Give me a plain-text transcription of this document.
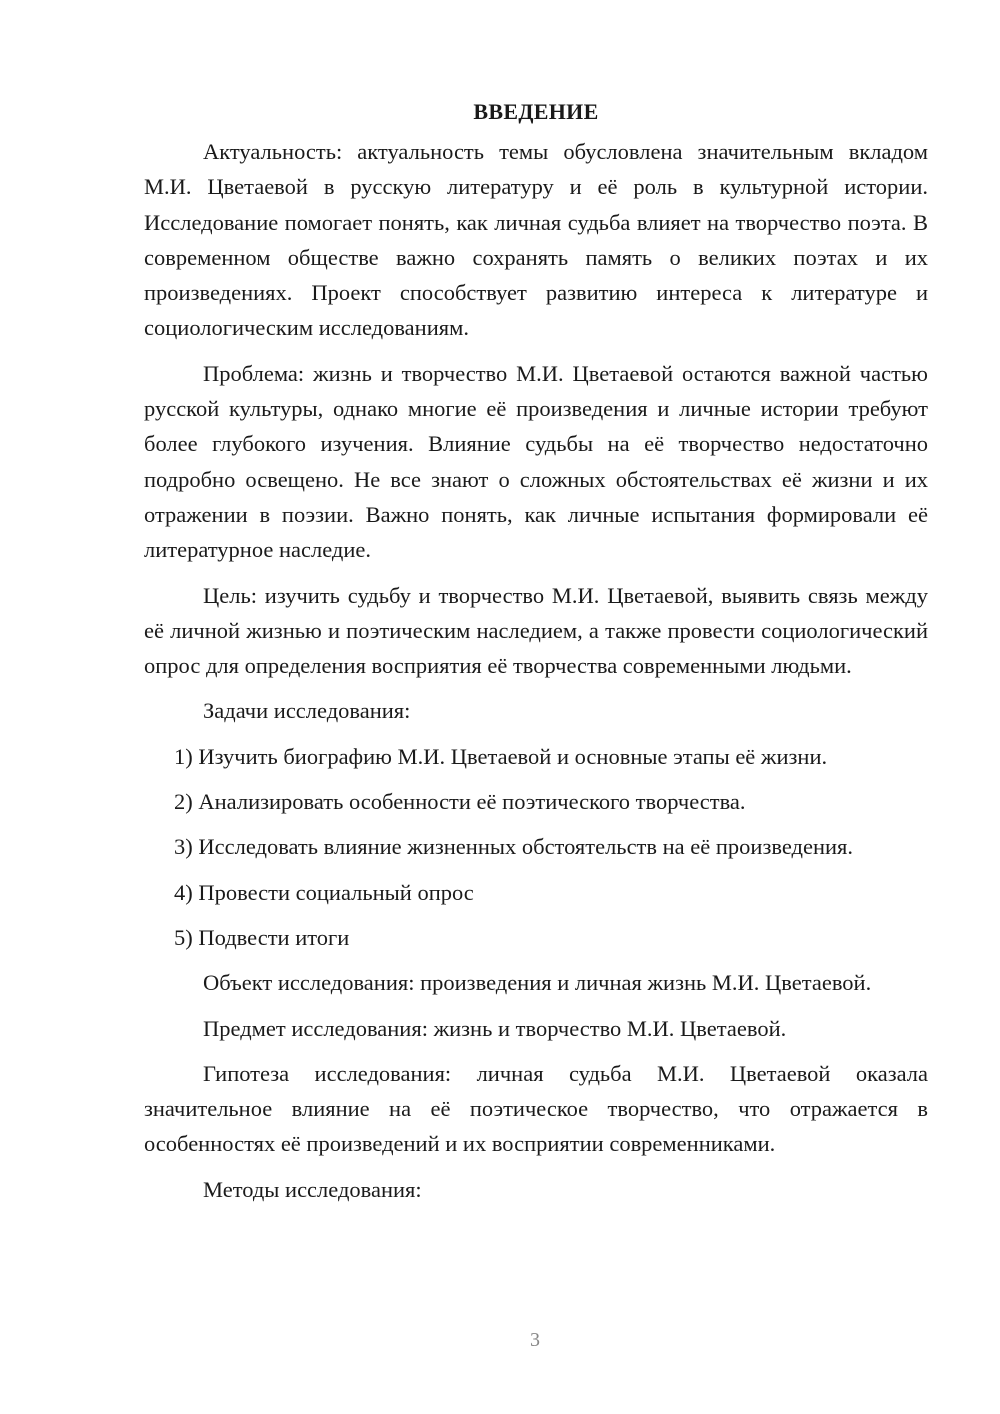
ВВЕДЕНИЕ

Актуальность: актуальность темы обусловлена значительным вкладом М.И. Цветаевой в русскую литературу и её роль в культурной истории. Исследование помогает понять, как личная судьба влияет на творчество поэта. В современном обществе важно сохранять память о великих поэтах и их произведениях. Проект способствует развитию интереса к литературе и социологическим исследованиям.

Проблема: жизнь и творчество М.И. Цветаевой остаются важной частью русской культуры, однако многие её произведения и личные истории требуют более глубокого изучения. Влияние судьбы на её творчество недостаточно подробно освещено. Не все знают о сложных обстоятельствах её жизни и их отражении в поэзии. Важно понять, как личные испытания формировали её литературное наследие.

Цель: изучить судьбу и творчество М.И. Цветаевой, выявить связь между её личной жизнью и поэтическим наследием, а также провести социологический опрос для определения восприятия её творчества современными людьми.

Задачи исследования:

1) Изучить биографию М.И. Цветаевой и основные этапы её жизни.
2) Анализировать особенности её поэтического творчества.
3) Исследовать влияние жизненных обстоятельств на её произведения.
4) Провести социальный опрос
5) Подвести итоги

Объект исследования: произведения и личная жизнь М.И. Цветаевой.

Предмет исследования: жизнь и творчество М.И. Цветаевой.

Гипотеза исследования: личная судьба М.И. Цветаевой оказала значительное влияние на её поэтическое творчество, что отражается в особенностях её произведений и их восприятии современниками.

Методы исследования:

3
